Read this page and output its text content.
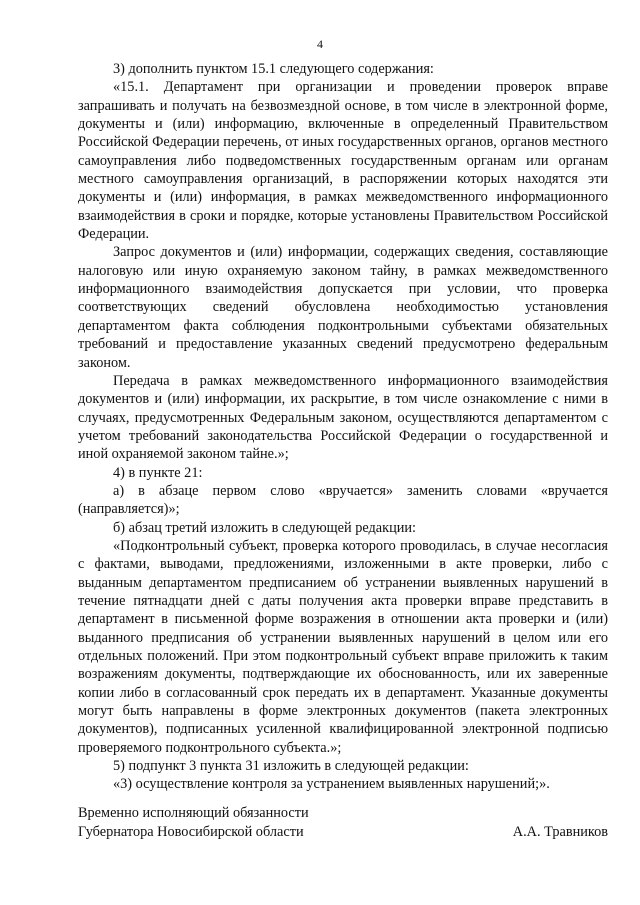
4

3) дополнить пунктом 15.1 следующего содержания:

«15.1. Департамент при организации и проведении проверок вправе запрашивать и получать на безвозмездной основе, в том числе в электронной форме, документы и (или) информацию, включенные в определенный Правительством Российской Федерации перечень, от иных государственных органов, органов местного самоуправления либо подведомственных государственным органам или органам местного самоуправления организаций, в распоряжении которых находятся эти документы и (или) информация, в рамках межведомственного информационного взаимодействия в сроки и порядке, которые установлены Правительством Российской Федерации.

Запрос документов и (или) информации, содержащих сведения, составляющие налоговую или иную охраняемую законом тайну, в рамках межведомственного информационного взаимодействия допускается при условии, что проверка соответствующих сведений обусловлена необходимостью установления департаментом факта соблюдения подконтрольными субъектами обязательных требований и предоставление указанных сведений предусмотрено федеральным законом.

Передача в рамках межведомственного информационного взаимодействия документов и (или) информации, их раскрытие, в том числе ознакомление с ними в случаях, предусмотренных Федеральным законом, осуществляются департаментом с учетом требований законодательства Российской Федерации о государственной и иной охраняемой законом тайне.»;

4) в пункте 21:

а) в абзаце первом слово «вручается» заменить словами «вручается (направляется)»;

б) абзац третий изложить в следующей редакции:

«Подконтрольный субъект, проверка которого проводилась, в случае несогласия с фактами, выводами, предложениями, изложенными в акте проверки, либо с выданным департаментом предписанием об устранении выявленных нарушений в течение пятнадцати дней с даты получения акта проверки вправе представить в департамент в письменной форме возражения в отношении акта проверки и (или) выданного предписания об устранении выявленных нарушений в целом или его отдельных положений. При этом подконтрольный субъект вправе приложить к таким возражениям документы, подтверждающие их обоснованность, или их заверенные копии либо в согласованный срок передать их в департамент. Указанные документы могут быть направлены в форме электронных документов (пакета электронных документов), подписанных усиленной квалифицированной электронной подписью проверяемого подконтрольного субъекта.»;

5) подпункт 3 пункта 31 изложить в следующей редакции:

«3) осуществление контроля за устранением выявленных нарушений;».

Временно исполняющий обязанности
Губернатора Новосибирской области	А.А. Травников
